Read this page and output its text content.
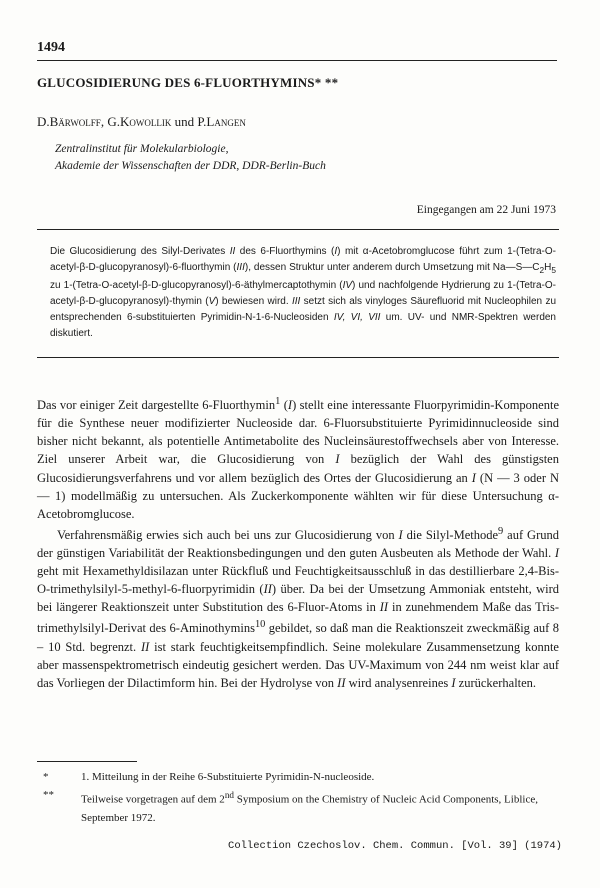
1494
GLUCOSIDIERUNG DES 6-FLUORTHYMINS* **
D.Bärwolff, G.Kowollik und P.Langen
Zentralinstitut für Molekularbiologie,
Akademie der Wissenschaften der DDR, DDR-Berlin-Buch
Eingegangen am 22 Juni 1973
Die Glucosidierung des Silyl-Derivates II des 6-Fluorthymins (I) mit α-Acetobromglucose führt zum 1-(Tetra-O-acetyl-β-D-glucopyranosyl)-6-fluorthymin (III), dessen Struktur unter anderem durch Umsetzung mit $Na—S—C_2H_5$ zu 1-(Tetra-O-acetyl-β-D-glucopyranosyl)-6-äthylmercaptothymin (IV) und nachfolgende Hydrierung zu 1-(Tetra-O-acetyl-β-D-glucopyranosyl)-thymin (V) bewiesen wird. III setzt sich als vinyloges Säurefluorid mit Nucleophilen zu entsprechenden 6-substituierten Pyrimidin-N-1-6-Nucleosiden IV, VI, VII um. UV- und NMR-Spektren werden diskutiert.

Das vor einiger Zeit dargestellte 6-Fluorthymin$^1$ (I) stellt eine interessante Fluorpyrimidin-Komponente für die Synthese neuer modifizierter Nucleoside dar. 6-Fluorsubstituierte Pyrimidinnucleoside sind bisher nicht bekannt, als potentielle Antimetabolite des Nucleinsäurestoffwechsels aber von Interesse. Ziel unserer Arbeit war, die Glucosidierung von I bezüglich der Wahl des günstigsten Glucosidierungsverfahrens und vor allem bezüglich des Ortes der Glucosidierung an I (N — 3 oder N — 1) modellmäßig zu untersuchen. Als Zuckerkomponente wählten wir für diese Untersuchung α-Acetobromglucose.

Verfahrensmäßig erwies sich auch bei uns zur Glucosidierung von I die Silyl-Methode$^9$ auf Grund der günstigen Variabilität der Reaktionsbedingungen und den guten Ausbeuten als Methode der Wahl. I geht mit Hexamethyldisilazan unter Rückfluß und Feuchtigkeitsausschluß in das destillierbare 2,4-Bis-O-trimethylsilyl-5-methyl-6-fluorpyrimidin (II) über. Da bei der Umsetzung Ammoniak entsteht, wird bei längerer Reaktionszeit unter Substitution des 6-Fluor-Atoms in II in zunehmendem Maße das Tris-trimethylsilyl-Derivat des 6-Aminothymins$^{10}$ gebildet, so daß man die Reaktionszeit zweckmäßig auf 8 – 10 Std. begrenzt. II ist stark feuchtigkeitsempfindlich. Seine molekulare Zusammensetzung konnte aber massenspektrometrisch eindeutig gesichert werden. Das UV-Maximum von 244 nm weist klar auf das Vorliegen der Dilactimform hin. Bei der Hydrolyse von II wird analysenreines I zurückerhalten.

*	1. Mitteilung in der Reihe 6-Substituierte Pyrimidin-N-nucleoside.
** Teilweise vorgetragen auf dem 2nd Symposium on the Chemistry of Nucleic Acid Components, Liblice, September 1972.
Collection Czechoslov. Chem. Commun. [Vol. 39] (1974)
